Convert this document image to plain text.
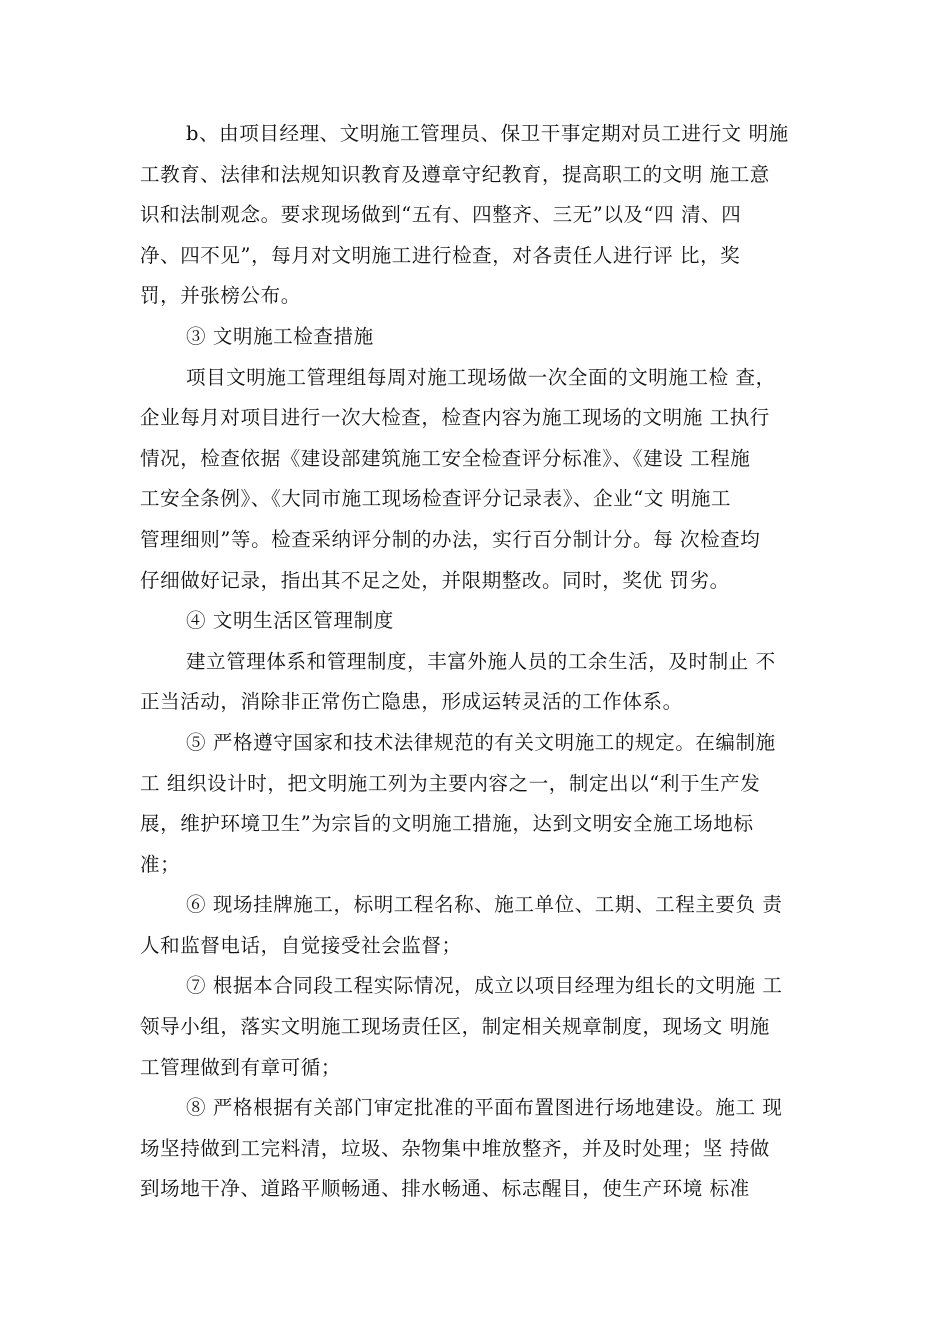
b、由项目经理、文明施工管理员、保卫干事定期对员工进行文 明施
工教育、法律和法规知识教育及遵章守纪教育，提高职工的文明 施工意
识和法制观念。要求现场做到“五有、四整齐、三无”以及“四 清、四
净、四不见”，每月对文明施工进行检查，对各责任人进行评 比，奖
罚，并张榜公布。
③ 文明施工检查措施
项目文明施工管理组每周对施工现场做一次全面的文明施工检 查，
企业每月对项目进行一次大检查，检查内容为施工现场的文明施 工执行
情况，检查依据《建设部建筑施工安全检查评分标准》、《建设 工程施
工安全条例》、《大同市施工现场检查评分记录表》、企业“文 明施工
管理细则”等。检查采纳评分制的办法，实行百分制计分。每 次检查均
仔细做好记录，指出其不足之处，并限期整改。同时，奖优 罚劣。
④ 文明生活区管理制度
建立管理体系和管理制度，丰富外施人员的工余生活，及时制止 不
正当活动，消除非正常伤亡隐患，形成运转灵活的工作体系。
⑤ 严格遵守国家和技术法律规范的有关文明施工的规定。在编制施
工 组织设计时，把文明施工列为主要内容之一，制定出以“利于生产发
展，维护环境卫生”为宗旨的文明施工措施，达到文明安全施工场地标
准；
⑥ 现场挂牌施工，标明工程名称、施工单位、工期、工程主要负 责
人和监督电话，自觉接受社会监督；
⑦ 根据本合同段工程实际情况，成立以项目经理为组长的文明施 工
领导小组，落实文明施工现场责任区，制定相关规章制度，现场文 明施
工管理做到有章可循；
⑧ 严格根据有关部门审定批准的平面布置图进行场地建设。施工 现
场坚持做到工完料清，垃圾、杂物集中堆放整齐，并及时处理；坚 持做
到场地干净、道路平顺畅通、排水畅通、标志醒目，使生产环境 标准
